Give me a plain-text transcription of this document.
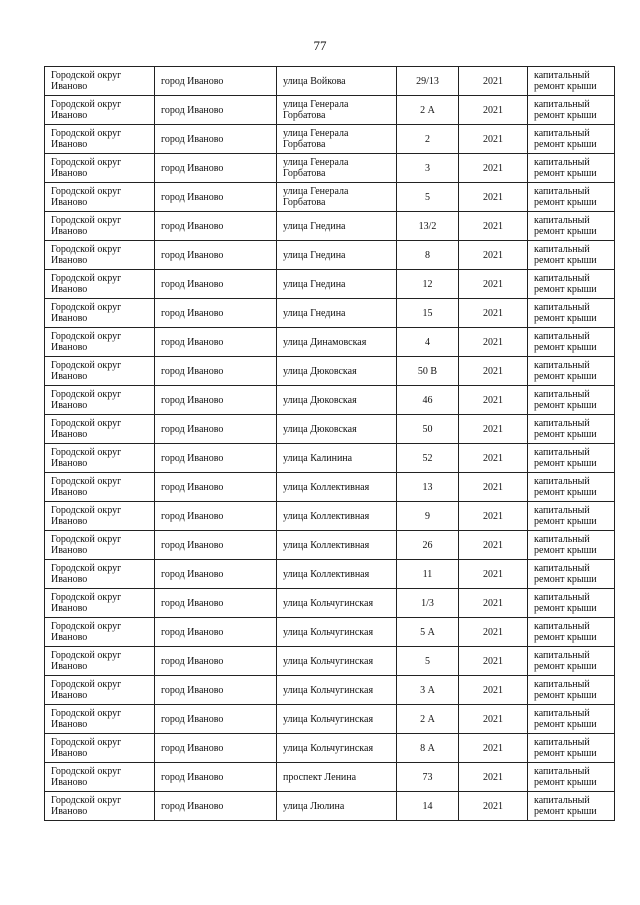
77
Городской округ Иваново	город Иваново	улица Войкова	29/13	2021	капитальный ремонт крыши
Городской округ Иваново	город Иваново	улица Генерала Горбатова	2 А	2021	капитальный ремонт крыши
Городской округ Иваново	город Иваново	улица Генерала Горбатова	2	2021	капитальный ремонт крыши
Городской округ Иваново	город Иваново	улица Генерала Горбатова	3	2021	капитальный ремонт крыши
Городской округ Иваново	город Иваново	улица Генерала Горбатова	5	2021	капитальный ремонт крыши
Городской округ Иваново	город Иваново	улица Гнедина	13/2	2021	капитальный ремонт крыши
Городской округ Иваново	город Иваново	улица Гнедина	8	2021	капитальный ремонт крыши
Городской округ Иваново	город Иваново	улица Гнедина	12	2021	капитальный ремонт крыши
Городской округ Иваново	город Иваново	улица Гнедина	15	2021	капитальный ремонт крыши
Городской округ Иваново	город Иваново	улица Динамовская	4	2021	капитальный ремонт крыши
Городской округ Иваново	город Иваново	улица Дюковская	50 В	2021	капитальный ремонт крыши
Городской округ Иваново	город Иваново	улица Дюковская	46	2021	капитальный ремонт крыши
Городской округ Иваново	город Иваново	улица Дюковская	50	2021	капитальный ремонт крыши
Городской округ Иваново	город Иваново	улица Калинина	52	2021	капитальный ремонт крыши
Городской округ Иваново	город Иваново	улица Коллективная	13	2021	капитальный ремонт крыши
Городской округ Иваново	город Иваново	улица Коллективная	9	2021	капитальный ремонт крыши
Городской округ Иваново	город Иваново	улица Коллективная	26	2021	капитальный ремонт крыши
Городской округ Иваново	город Иваново	улица Коллективная	11	2021	капитальный ремонт крыши
Городской округ Иваново	город Иваново	улица Кольчугинская	1/3	2021	капитальный ремонт крыши
Городской округ Иваново	город Иваново	улица Кольчугинская	5 А	2021	капитальный ремонт крыши
Городской округ Иваново	город Иваново	улица Кольчугинская	5	2021	капитальный ремонт крыши
Городской округ Иваново	город Иваново	улица Кольчугинская	3 А	2021	капитальный ремонт крыши
Городской округ Иваново	город Иваново	улица Кольчугинская	2 А	2021	капитальный ремонт крыши
Городской округ Иваново	город Иваново	улица Кольчугинская	8 А	2021	капитальный ремонт крыши
Городской округ Иваново	город Иваново	проспект Ленина	73	2021	капитальный ремонт крыши
Городской округ Иваново	город Иваново	улица Люлина	14	2021	капитальный ремонт крыши
